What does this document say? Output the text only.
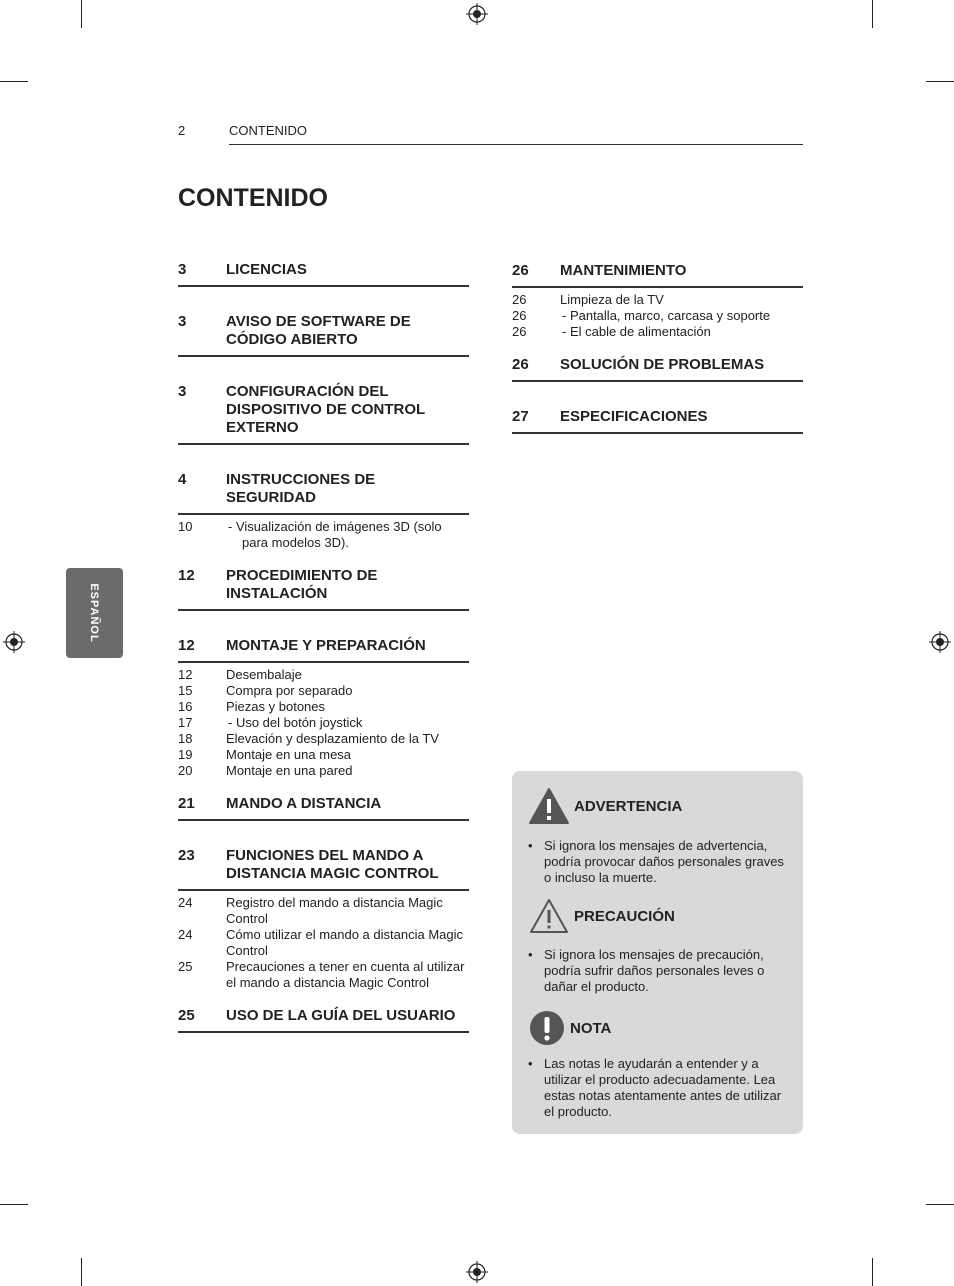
2	CONTENIDO
CONTENIDO
ESPAÑOL
3	LICENCIAS
3	AVISO DE SOFTWARE DE CÓDIGO ABIERTO
3	CONFIGURACIÓN DEL DISPOSITIVO DE CONTROL EXTERNO
4	INSTRUCCIONES DE SEGURIDAD
10	- Visualización de imágenes 3D (solo para modelos 3D).
12	PROCEDIMIENTO DE INSTALACIÓN
12	MONTAJE Y PREPARACIÓN
12	Desembalaje
15	Compra por separado
16	Piezas y botones
17	- Uso del botón joystick
18	Elevación y desplazamiento de la TV
19	Montaje en una mesa
20	Montaje en una pared
21	MANDO A DISTANCIA
23	FUNCIONES DEL MANDO A DISTANCIA MAGIC CONTROL
24	Registro del mando a distancia Magic Control
24	Cómo utilizar el mando a distancia Magic Control
25	Precauciones a tener en cuenta al utilizar el mando a distancia Magic Control
25	USO DE LA GUÍA DEL USUARIO
26	MANTENIMIENTO
26	Limpieza de la TV
26	- Pantalla, marco, carcasa y soporte
26	- El cable de alimentación
26	SOLUCIÓN DE PROBLEMAS
27	ESPECIFICACIONES
ADVERTENCIA
• Si ignora los mensajes de advertencia, podría provocar daños personales graves o incluso la muerte.
PRECAUCIÓN
• Si ignora los mensajes de precaución, podría sufrir daños personales leves o dañar el producto.
NOTA
• Las notas le ayudarán a entender y a utilizar el producto adecuadamente. Lea estas notas atentamente antes de utilizar el producto.
